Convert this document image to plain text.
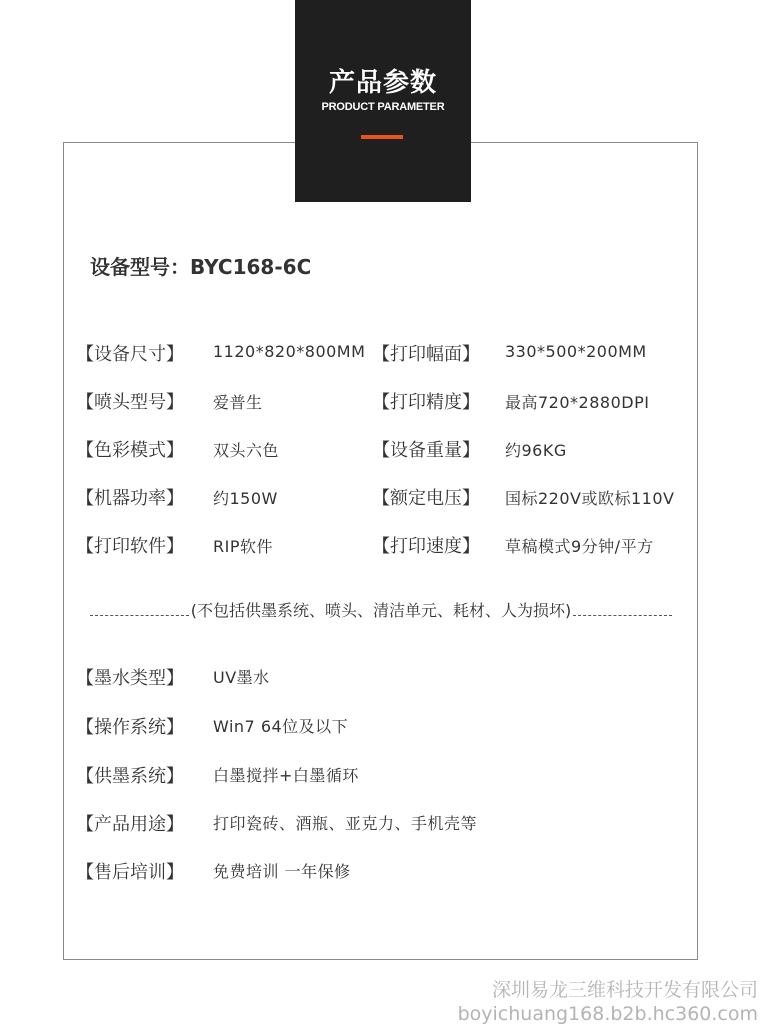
产品参数
PRODUCT PARAMETER
设备型号：BYC168-6C
【设备尺寸】 1120*820*800MM 【打印幅面】 330*500*200MM
【喷头型号】 爱普生	【打印精度】 最高720*2880DPI
【色彩模式】 双头六色	【设备重量】 约96KG
【机器功率】 约150W	【额定电压】 国标220V或欧标110V
【打印软件】 RIP软件	【打印速度】 草稿模式9分钟/平方
(不包括供墨系统、喷头、清洁单元、耗材、人为损坏)
【墨水类型】 UV墨水
【操作系统】 Win7 64位及以下
【供墨系统】 白墨搅拌+白墨循环
【产品用途】 打印瓷砖、酒瓶、亚克力、手机壳等
【售后培训】 免费培训 一年保修
深圳易龙三维科技开发有限公司
boyichuang168.b2b.hc360.com
